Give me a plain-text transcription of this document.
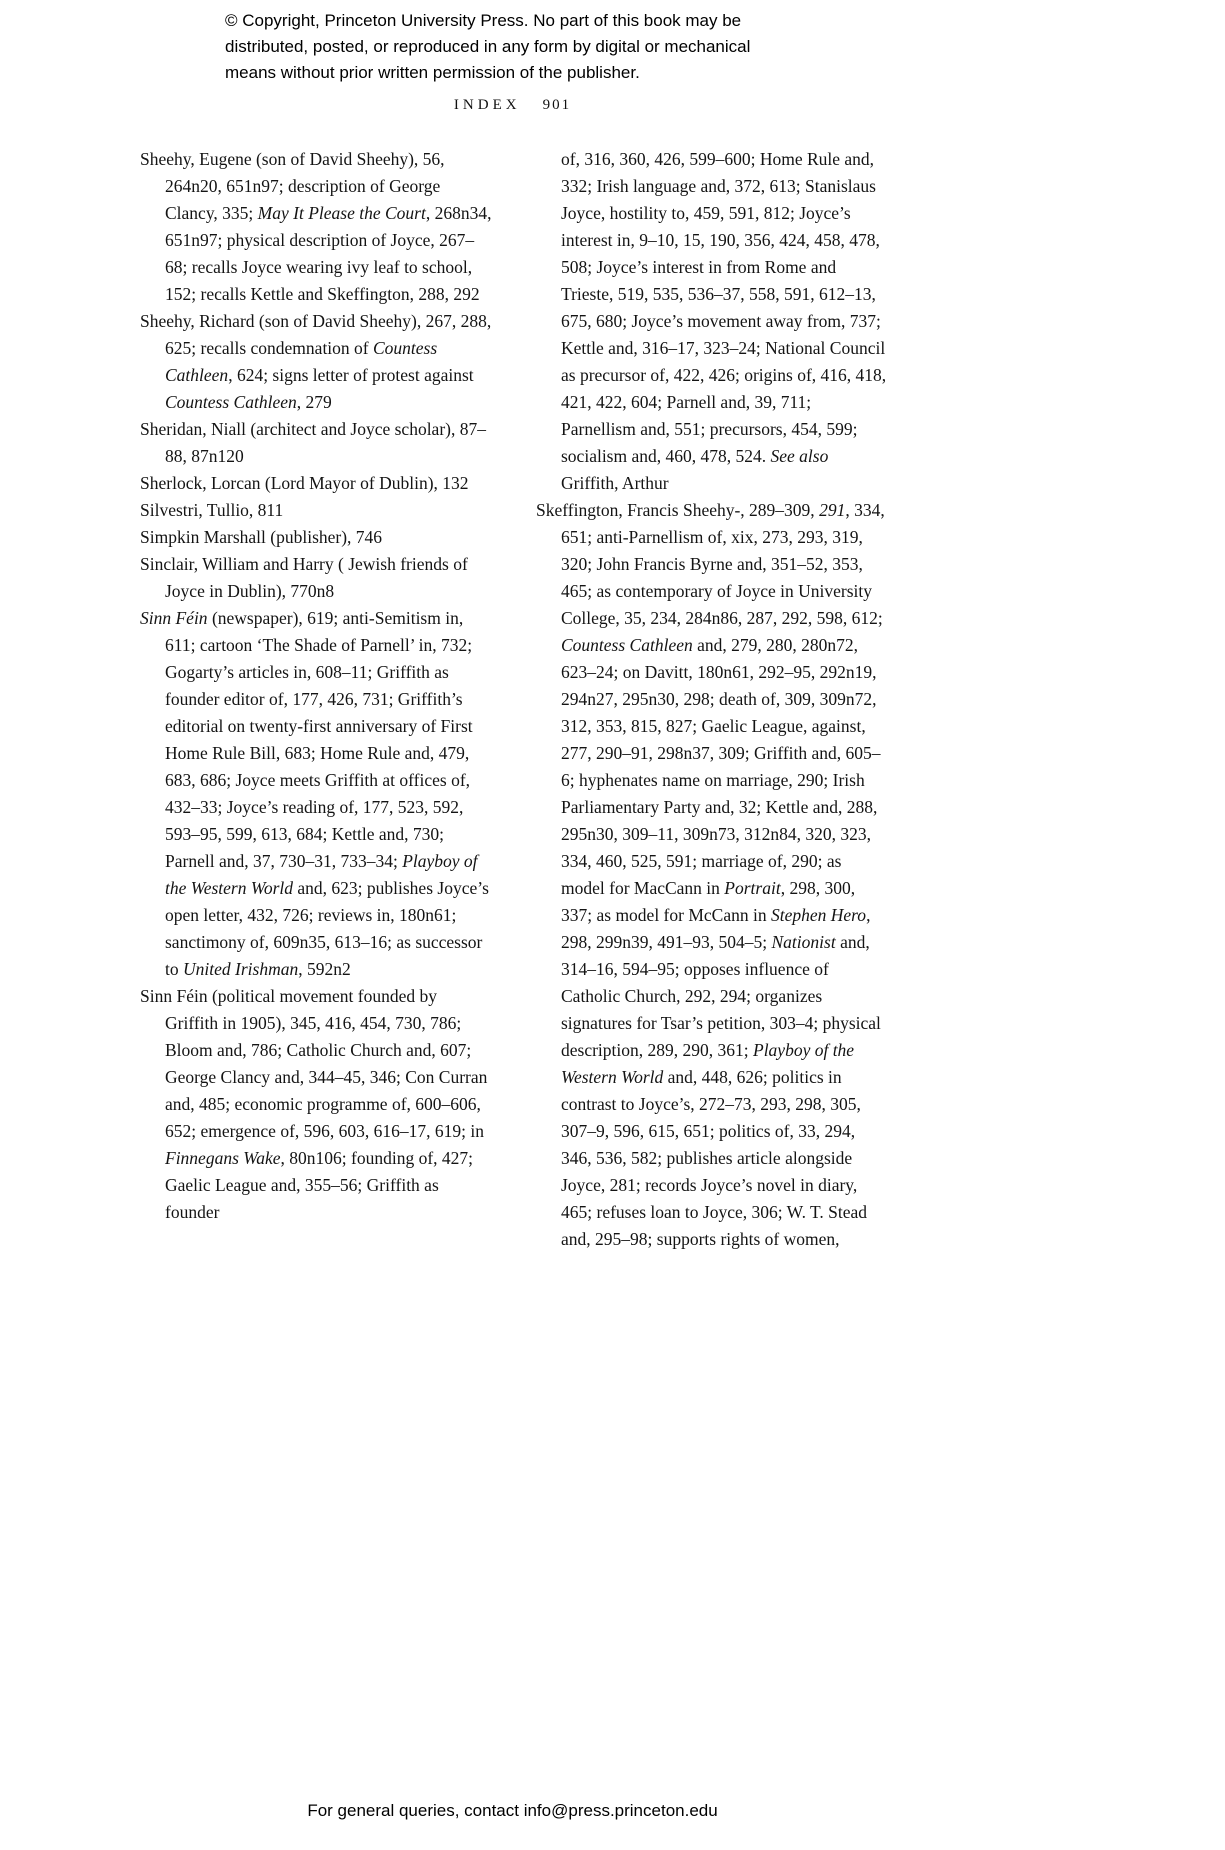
© Copyright, Princeton University Press. No part of this book may be
distributed, posted, or reproduced in any form by digital or mechanical
means without prior written permission of the publisher.
INDEX 901

Sheehy, Eugene (son of David Sheehy), 56, 264n20, 651n97; description of George Clancy, 335; May It Please the Court, 268n34, 651n97; physical description of Joyce, 267–68; recalls Joyce wearing ivy leaf to school, 152; recalls Kettle and Skeffington, 288, 292

Sheehy, Richard (son of David Sheehy), 267, 288, 625; recalls condemnation of Countess Cathleen, 624; signs letter of protest against Countess Cathleen, 279

Sheridan, Niall (architect and Joyce scholar), 87–88, 87n120

Sherlock, Lorcan (Lord Mayor of Dublin), 132

Silvestri, Tullio, 811

Simpkin Marshall (publisher), 746

Sinclair, William and Harry ( Jewish friends of Joyce in Dublin), 770n8

Sinn Féin (newspaper), 619; anti-Semitism in, 611; cartoon ‘The Shade of Parnell’ in, 732; Gogarty’s articles in, 608–11; Griffith as founder editor of, 177, 426, 731; Griffith’s editorial on twenty-first anniversary of First Home Rule Bill, 683; Home Rule and, 479, 683, 686; Joyce meets Griffith at offices of, 432–33; Joyce’s reading of, 177, 523, 592, 593–95, 599, 613, 684; Kettle and, 730; Parnell and, 37, 730–31, 733–34; Playboy of the Western World and, 623; publishes Joyce’s open letter, 432, 726; reviews in, 180n61; sanctimony of, 609n35, 613–16; as successor to United Irishman, 592n2

Sinn Féin (political movement founded by Griffith in 1905), 345, 416, 454, 730, 786; Bloom and, 786; Catholic Church and, 607; George Clancy and, 344–45, 346; Con Curran and, 485; economic programme of, 600–606, 652; emergence of, 596, 603, 616–17, 619; in Finnegans Wake, 80n106; founding of, 427; Gaelic League and, 355–56; Griffith as founder

of, 316, 360, 426, 599–600; Home Rule and, 332; Irish language and, 372, 613; Stanislaus Joyce, hostility to, 459, 591, 812; Joyce’s interest in, 9–10, 15, 190, 356, 424, 458, 478, 508; Joyce’s interest in from Rome and Trieste, 519, 535, 536–37, 558, 591, 612–13, 675, 680; Joyce’s movement away from, 737; Kettle and, 316–17, 323–24; National Council as precursor of, 422, 426; origins of, 416, 418, 421, 422, 604; Parnell and, 39, 711; Parnellism and, 551; precursors, 454, 599; socialism and, 460, 478, 524. See also Griffith, Arthur

Skeffington, Francis Sheehy-, 289–309, 291, 334, 651; anti-Parnellism of, xix, 273, 293, 319, 320; John Francis Byrne and, 351–52, 353, 465; as contemporary of Joyce in University College, 35, 234, 284n86, 287, 292, 598, 612; Countess Cathleen and, 279, 280, 280n72, 623–24; on Davitt, 180n61, 292–95, 292n19, 294n27, 295n30, 298; death of, 309, 309n72, 312, 353, 815, 827; Gaelic League, against, 277, 290–91, 298n37, 309; Griffith and, 605–6; hyphenates name on marriage, 290; Irish Parliamentary Party and, 32; Kettle and, 288, 295n30, 309–11, 309n73, 312n84, 320, 323, 334, 460, 525, 591; marriage of, 290; as model for MacCann in Portrait, 298, 300, 337; as model for McCann in Stephen Hero, 298, 299n39, 491–93, 504–5; Nationist and, 314–16, 594–95; opposes influence of Catholic Church, 292, 294; organizes signatures for Tsar’s petition, 303–4; physical description, 289, 290, 361; Playboy of the Western World and, 448, 626; politics in contrast to Joyce’s, 272–73, 293, 298, 305, 307–9, 596, 615, 651; politics of, 33, 294, 346, 536, 582; publishes article alongside Joyce, 281; records Joyce’s novel in diary, 465; refuses loan to Joyce, 306; W. T. Stead and, 295–98; supports rights of women,

For general queries, contact info@press.princeton.edu
